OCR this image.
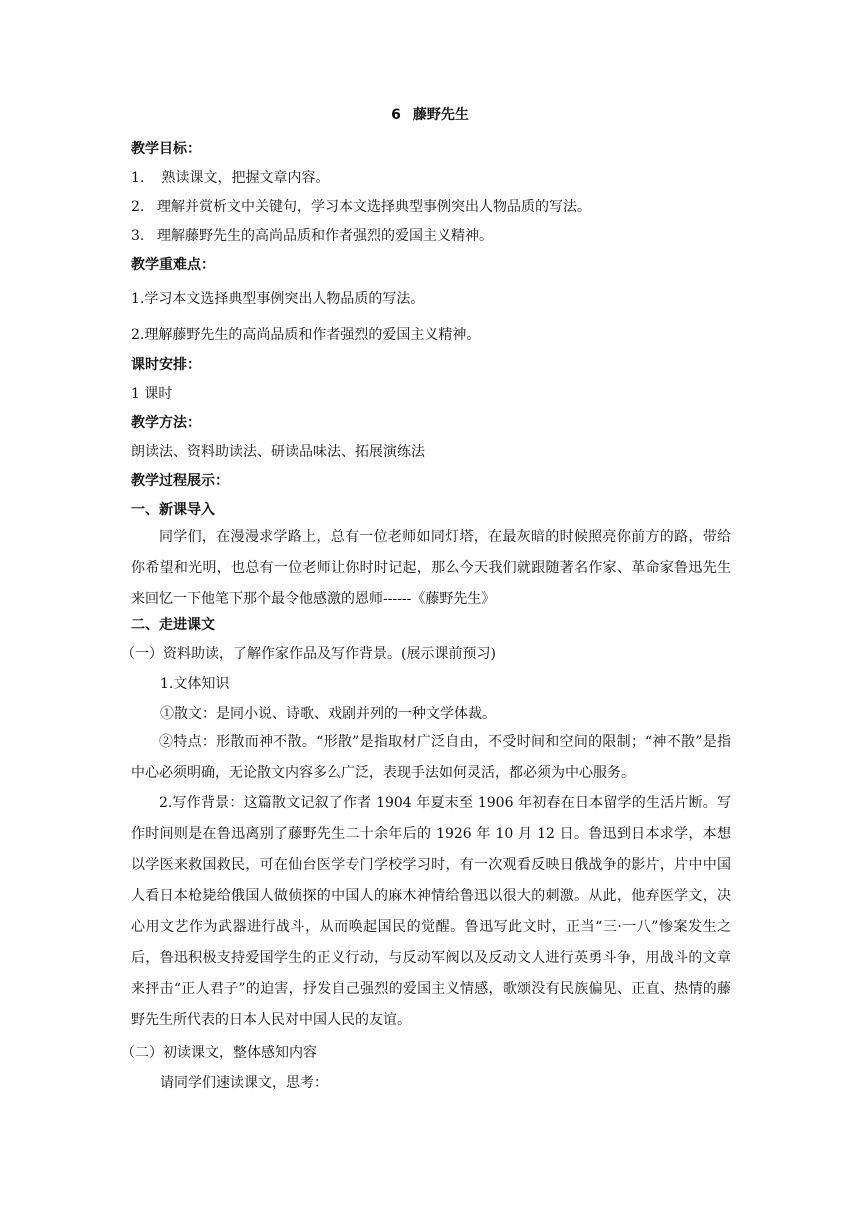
6 藤野先生
教学目标：
1. 熟读课文，把握文章内容。
2. 理解并赏析文中关键句，学习本文选择典型事例突出人物品质的写法。
3. 理解藤野先生的高尚品质和作者强烈的爱国主义精神。
教学重难点：
1.学习本文选择典型事例突出人物品质的写法。
2.理解藤野先生的高尚品质和作者强烈的爱国主义精神。
课时安排：
1 课时
教学方法：
朗读法、资料助读法、研读品味法、拓展演练法
教学过程展示：
一、新课导入
同学们，在漫漫求学路上，总有一位老师如同灯塔，在最灰暗的时候照亮你前方的路，带给你希望和光明，也总有一位老师让你时时记起，那么今天我们就跟随著名作家、革命家鲁迅先生来回忆一下他笔下那个最令他感激的恩师------《藤野先生》
二、走进课文
（一）资料助读，了解作家作品及写作背景。(展示课前预习)
1.文体知识
①散文：是同小说、诗歌、戏剧并列的一种文学体裁。
②特点：形散而神不散。“形散”是指取材广泛自由，不受时间和空间的限制；“神不散”是指中心必须明确，无论散文内容多么广泛，表现手法如何灵活，都必须为中心服务。
2.写作背景：这篇散文记叙了作者 1904 年夏末至 1906 年初春在日本留学的生活片断。写作时间则是在鲁迅离别了藤野先生二十余年后的 1926 年 10 月 12 日。鲁迅到日本求学，本想以学医来救国救民，可在仙台医学专门学校学习时，有一次观看反映日俄战争的影片，片中中国人看日本枪毙给俄国人做侦探的中国人的麻木神情给鲁迅以很大的刺激。从此，他弃医学文，决心用文艺作为武器进行战斗，从而唤起国民的觉醒。鲁迅写此文时，正当“三·一八”惨案发生之后，鲁迅积极支持爱国学生的正义行动，与反动军阀以及反动文人进行英勇斗争，用战斗的文章来抨击“正人君子”的迫害，抒发自己强烈的爱国主义情感，歌颂没有民族偏见、正直、热情的藤野先生所代表的日本人民对中国人民的友谊。
（二）初读课文，整体感知内容
请同学们速读课文，思考：
